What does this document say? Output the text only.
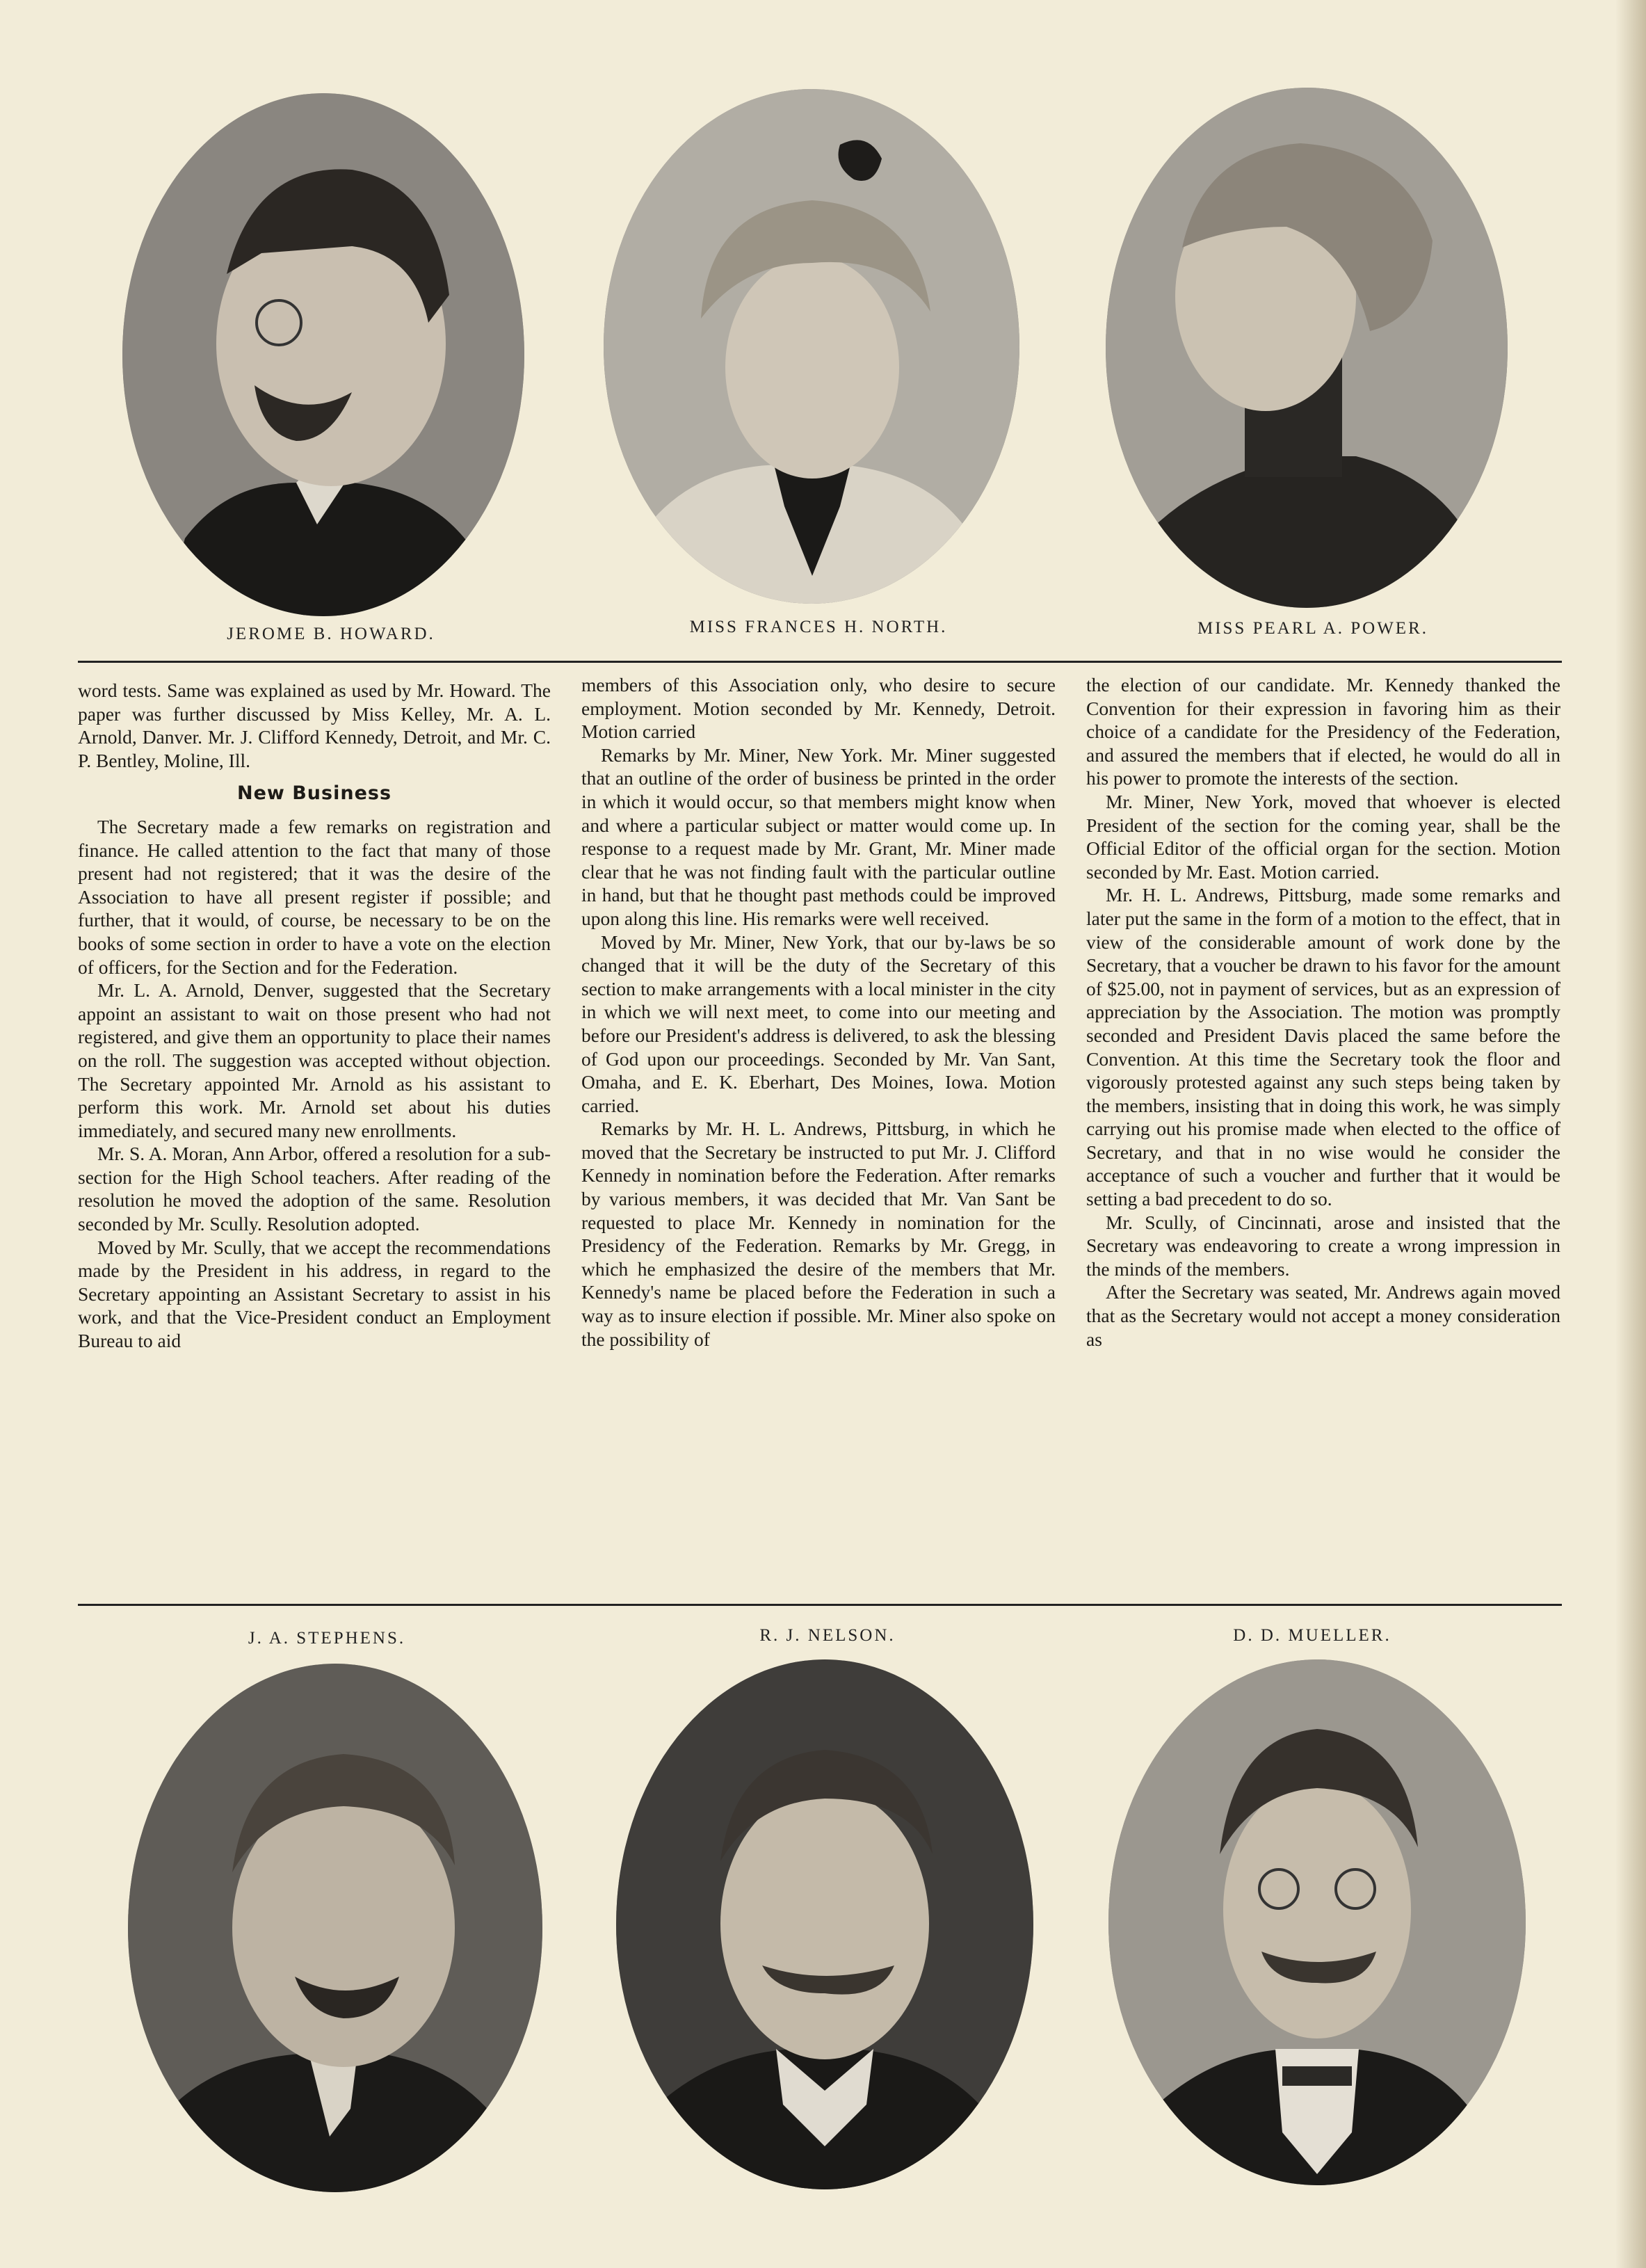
JEROME B. HOWARD.	MISS FRANCES H. NORTH.	MISS PEARL A. POWER.

word tests. Same was explained as used by Mr. Howard. The paper was further discussed by Miss Kelley, Mr. A. L. Arnold, Danver. Mr. J. Clifford Kennedy, Detroit, and Mr. C. P. Bentley, Moline, Ill.

New Business

The Secretary made a few remarks on registration and finance. He called attention to the fact that many of those present had not registered; that it was the desire of the Association to have all present register if possible; and further, that it would, of course, be necessary to be on the books of some section in order to have a vote on the election of officers, for the Section and for the Federation.

Mr. L. A. Arnold, Denver, suggested that the Secretary appoint an assistant to wait on those present who had not registered, and give them an opportunity to place their names on the roll. The suggestion was accepted without objection. The Secretary appointed Mr. Arnold as his assistant to perform this work. Mr. Arnold set about his duties immediately, and secured many new enrollments.

Mr. S. A. Moran, Ann Arbor, offered a resolution for a sub-section for the High School teachers. After reading of the resolution he moved the adoption of the same. Resolution seconded by Mr. Scully. Resolution adopted.

Moved by Mr. Scully, that we accept the recommendations made by the President in his address, in regard to the Secretary appointing an Assistant Secretary to assist in his work, and that the Vice-President conduct an Employment Bureau to aid

members of this Association only, who desire to secure employment. Motion seconded by Mr. Kennedy, Detroit. Motion carried

Remarks by Mr. Miner, New York. Mr. Miner suggested that an outline of the order of business be printed in the order in which it would occur, so that members might know when and where a particular subject or matter would come up. In response to a request made by Mr. Grant, Mr. Miner made clear that he was not finding fault with the particular outline in hand, but that he thought past methods could be improved upon along this line. His remarks were well received.

Moved by Mr. Miner, New York, that our by-laws be so changed that it will be the duty of the Secretary of this section to make arrangements with a local minister in the city in which we will next meet, to come into our meeting and before our President's address is delivered, to ask the blessing of God upon our proceedings. Seconded by Mr. Van Sant, Omaha, and E. K. Eberhart, Des Moines, Iowa. Motion carried.

Remarks by Mr. H. L. Andrews, Pittsburg, in which he moved that the Secretary be instructed to put Mr. J. Clifford Kennedy in nomination before the Federation. After remarks by various members, it was decided that Mr. Van Sant be requested to place Mr. Kennedy in nomination for the Presidency of the Federation. Remarks by Mr. Gregg, in which he emphasized the desire of the members that Mr. Kennedy's name be placed before the Federation in such a way as to insure election if possible. Mr. Miner also spoke on the possibility of

the election of our candidate. Mr. Kennedy thanked the Convention for their expression in favoring him as their choice of a candidate for the Presidency of the Federation, and assured the members that if elected, he would do all in his power to promote the interests of the section.

Mr. Miner, New York, moved that whoever is elected President of the section for the coming year, shall be the Official Editor of the official organ for the section. Motion seconded by Mr. East. Motion carried.

Mr. H. L. Andrews, Pittsburg, made some remarks and later put the same in the form of a motion to the effect, that in view of the considerable amount of work done by the Secretary, that a voucher be drawn to his favor for the amount of $25.00, not in payment of services, but as an expression of appreciation by the Association. The motion was promptly seconded and President Davis placed the same before the Convention. At this time the Secretary took the floor and vigorously protested against any such steps being taken by the members, insisting that in doing this work, he was simply carrying out his promise made when elected to the office of Secretary, and that in no wise would he consider the acceptance of such a voucher and further that it would be setting a bad precedent to do so.

Mr. Scully, of Cincinnati, arose and insisted that the Secretary was endeavoring to create a wrong impression in the minds of the members.

After the Secretary was seated, Mr. Andrews again moved that as the Secretary would not accept a money consideration as

J. A. STEPHENS.	R. J. NELSON.	D. D. MUELLER.
